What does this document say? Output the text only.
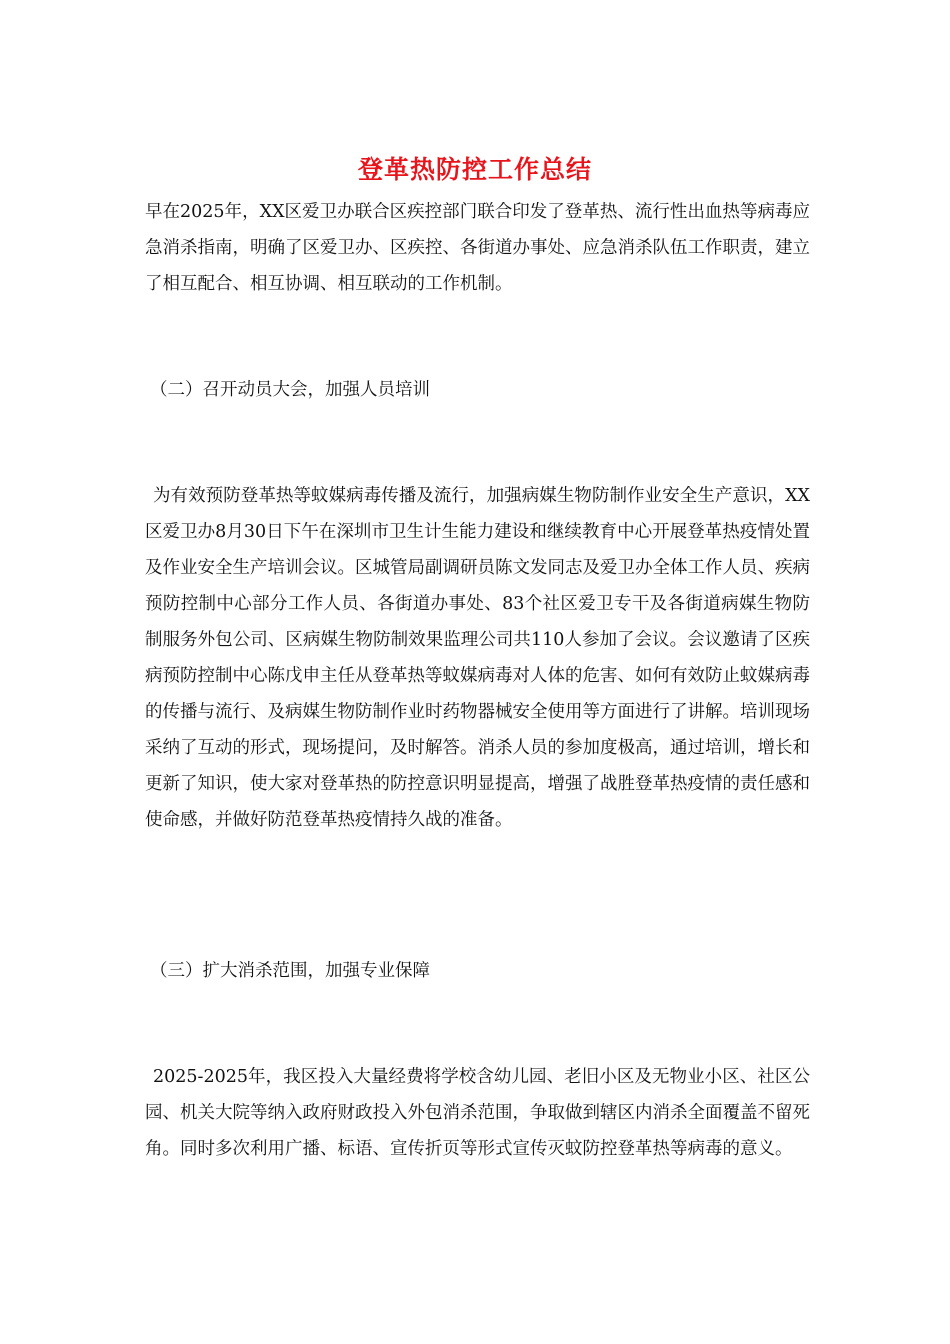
登革热防控工作总结

早在2025年，XX区爱卫办联合区疾控部门联合印发了登革热、流行性出血热等病毒应急消杀指南，明确了区爱卫办、区疾控、各街道办事处、应急消杀队伍工作职责，建立了相互配合、相互协调、相互联动的工作机制。

（二）召开动员大会，加强人员培训

为有效预防登革热等蚊媒病毒传播及流行，加强病媒生物防制作业安全生产意识，XX区爱卫办8月30日下午在深圳市卫生计生能力建设和继续教育中心开展登革热疫情处置及作业安全生产培训会议。区城管局副调研员陈文发同志及爱卫办全体工作人员、疾病预防控制中心部分工作人员、各街道办事处、83个社区爱卫专干及各街道病媒生物防制服务外包公司、区病媒生物防制效果监理公司共110人参加了会议。会议邀请了区疾病预防控制中心陈戊申主任从登革热等蚊媒病毒对人体的危害、如何有效防止蚊媒病毒的传播与流行、及病媒生物防制作业时药物器械安全使用等方面进行了讲解。培训现场采纳了互动的形式，现场提问，及时解答。消杀人员的参加度极高，通过培训，增长和更新了知识，使大家对登革热的防控意识明显提高，增强了战胜登革热疫情的责任感和使命感，并做好防范登革热疫情持久战的准备。

（三）扩大消杀范围，加强专业保障

2025-2025年，我区投入大量经费将学校含幼儿园、老旧小区及无物业小区、社区公园、机关大院等纳入政府财政投入外包消杀范围，争取做到辖区内消杀全面覆盖不留死角。同时多次利用广播、标语、宣传折页等形式宣传灭蚊防控登革热等病毒的意义。
